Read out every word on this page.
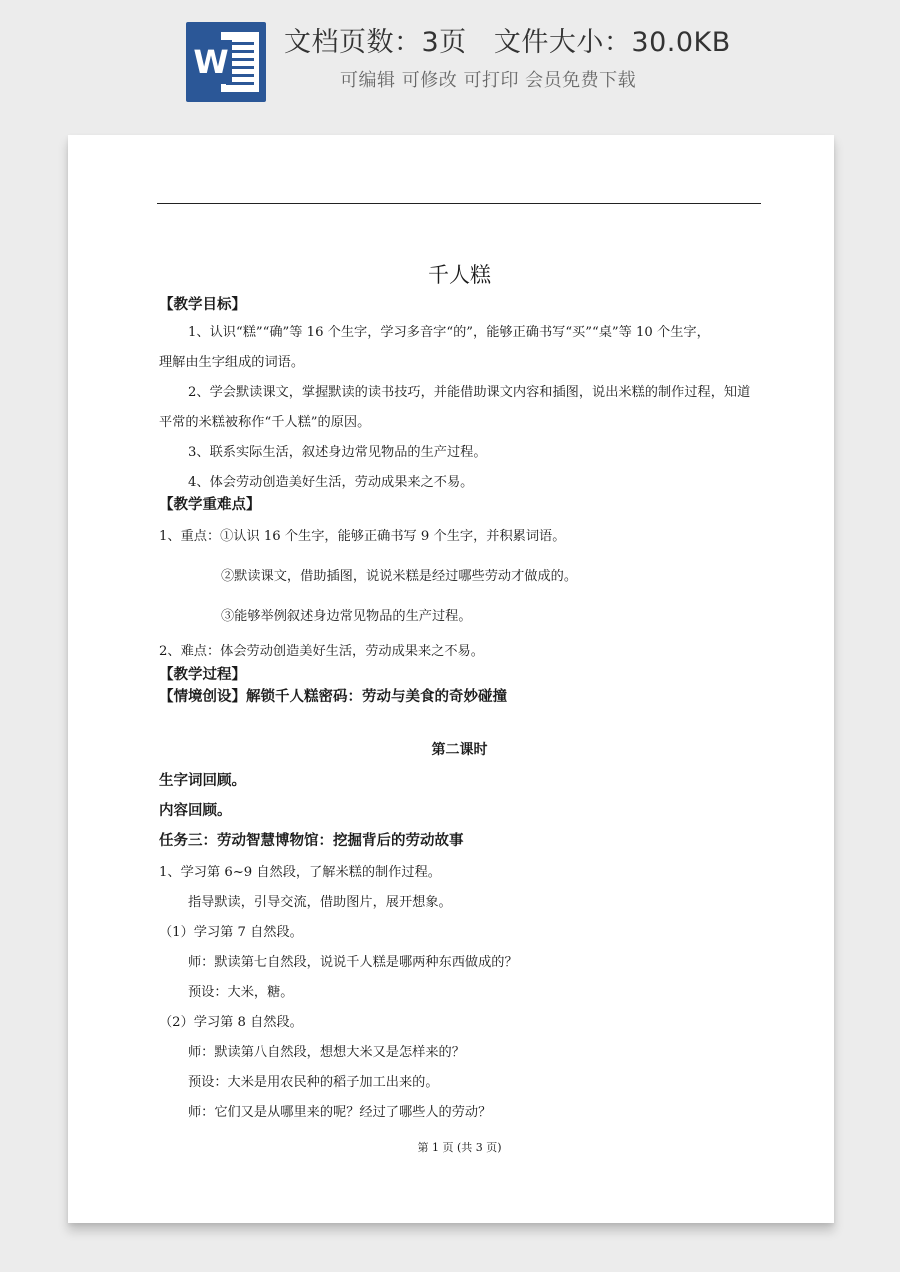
W
文档页数：3页   文件大小：30.0KB
可编辑 可修改 可打印 会员免费下载
千人糕
【教学目标】
1、认识“糕”“确”等 16 个生字，学习多音字“的”，能够正确书写“买”“桌”等 10 个生字，
理解由生字组成的词语。
2、学会默读课文，掌握默读的读书技巧，并能借助课文内容和插图，说出米糕的制作过程，知道
平常的米糕被称作“千人糕”的原因。
3、联系实际生活，叙述身边常见物品的生产过程。
4、体会劳动创造美好生活，劳动成果来之不易。
【教学重难点】
1、重点：①认识 16 个生字，能够正确书写 9 个生字，并积累词语。
②默读课文，借助插图，说说米糕是经过哪些劳动才做成的。
③能够举例叙述身边常见物品的生产过程。
2、难点：体会劳动创造美好生活，劳动成果来之不易。
【教学过程】
【情境创设】解锁千人糕密码：劳动与美食的奇妙碰撞
第二课时
生字词回顾。
内容回顾。
任务三：劳动智慧博物馆：挖掘背后的劳动故事
1、学习第 6~9 自然段，了解米糕的制作过程。
指导默读，引导交流，借助图片，展开想象。
（1）学习第 7 自然段。
师：默读第七自然段，说说千人糕是哪两种东西做成的？
预设：大米，糖。
（2）学习第 8 自然段。
师：默读第八自然段，想想大米又是怎样来的？
预设：大米是用农民种的稻子加工出来的。
师：它们又是从哪里来的呢？经过了哪些人的劳动？
第 1 页 (共 3 页)
